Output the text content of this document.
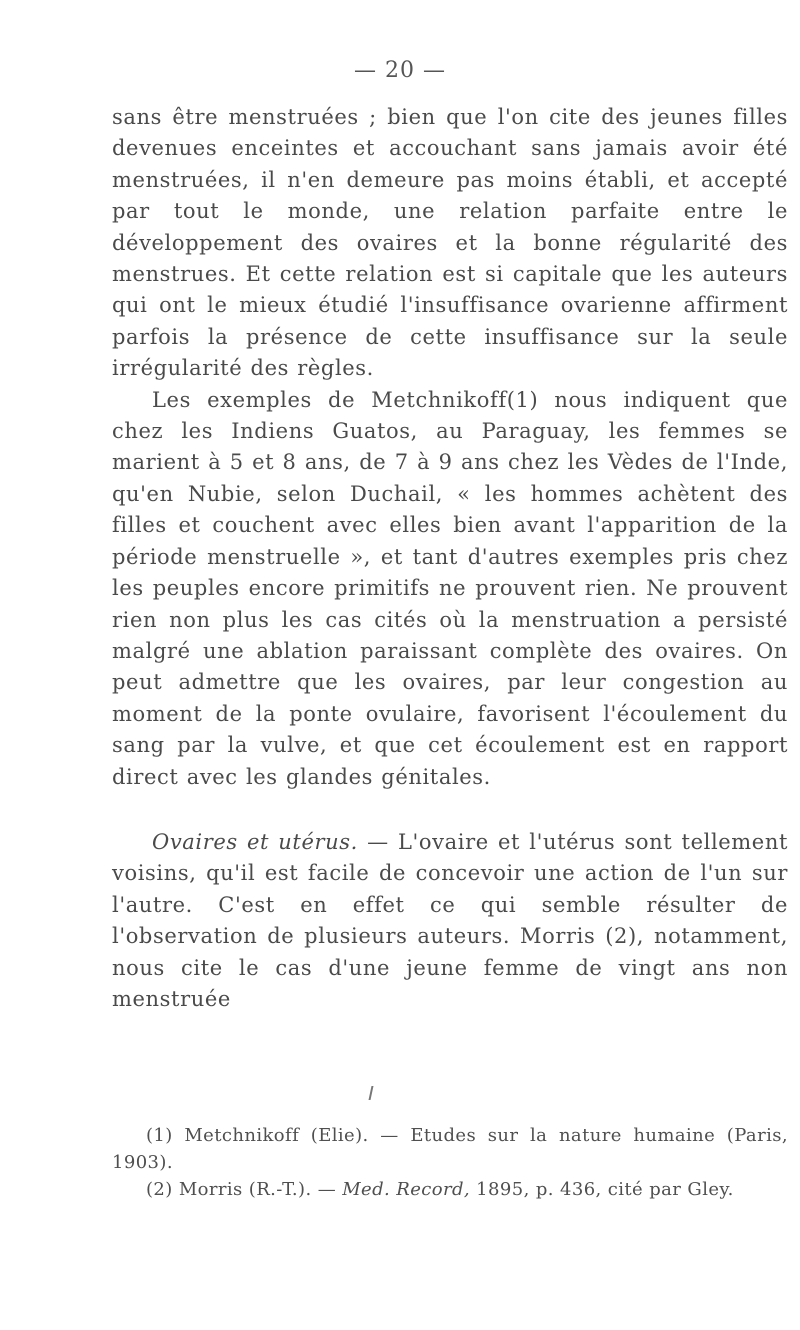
— 20 —

sans être menstruées ; bien que l'on cite des jeunes filles devenues enceintes et accouchant sans jamais avoir été menstruées, il n'en demeure pas moins établi, et accepté par tout le monde, une relation parfaite entre le développement des ovaires et la bonne régularité des menstrues. Et cette relation est si capitale que les auteurs qui ont le mieux étudié l'insuffisance ovarienne affirment parfois la présence de cette insuffisance sur la seule irrégularité des règles.

Les exemples de Metchnikoff(1) nous indiquent que chez les Indiens Guatos, au Paraguay, les femmes se marient à 5 et 8 ans, de 7 à 9 ans chez les Vèdes de l'Inde, qu'en Nubie, selon Duchail, « les hommes achètent des filles et couchent avec elles bien avant l'apparition de la période menstruelle », et tant d'autres exemples pris chez les peuples encore primitifs ne prouvent rien. Ne prouvent rien non plus les cas cités où la menstruation a persisté malgré une ablation paraissant complète des ovaires. On peut admettre que les ovaires, par leur congestion au moment de la ponte ovulaire, favorisent l'écoulement du sang par la vulve, et que cet écoulement est en rapport direct avec les glandes génitales.

Ovaires et utérus. — L'ovaire et l'utérus sont tellement voisins, qu'il est facile de concevoir une action de l'un sur l'autre. C'est en effet ce qui semble résulter de l'observation de plusieurs auteurs. Morris (2), notamment, nous cite le cas d'une jeune femme de vingt ans non menstruée

(1) Metchnikoff (Elie). — Etudes sur la nature humaine (Paris, 1903).

(2) Morris (R.-T.). — Med. Record, 1895, p. 436, cité par Gley.
